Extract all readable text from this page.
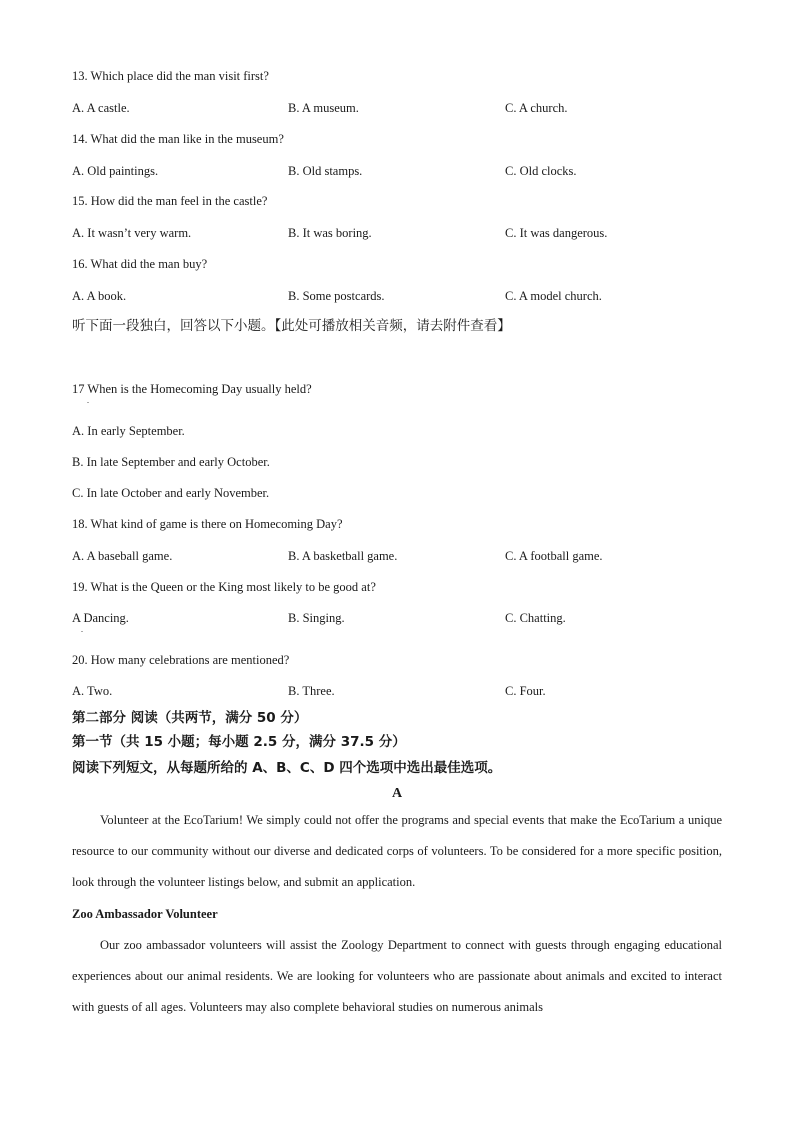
13. Which place did the man visit first?
A. A castle.	B. A museum.	C. A church.
14. What did the man like in the museum?
A. Old paintings.	B. Old stamps.	C. Old clocks.
15. How did the man feel in the castle?
A. It wasn’t very warm.	B. It was boring.	C. It was dangerous.
16. What did the man buy?
A. A book.	B. Some postcards.	C. A model church.
听下面一段独白，回答以下小题。【此处可播放相关音频，请去附件查看】
17 When is the Homecoming Day usually held?
.
A. In early September.
B. In late September and early October.
C. In late October and early November.
18. What kind of game is there on Homecoming Day?
A. A baseball game.	B. A basketball game.	C. A football game.
19. What is the Queen or the King most likely to be good at?
A Dancing.
.
B. Singing.	C. Chatting.
20. How many celebrations are mentioned?
A. Two.	B. Three.	C. Four.
第二部分 阅读（共两节，满分 50 分）
第一节（共 15 小题；每小题 2.5 分，满分 37.5 分）
阅读下列短文，从每题所给的 A、B、C、D 四个选项中选出最佳选项。
A
Volunteer at the EcoTarium! We simply could not offer the programs and special events that make the EcoTarium a unique resource to our community without our diverse and dedicated corps of volunteers. To be considered for a more specific position, look through the volunteer listings below, and submit an application.
Zoo Ambassador Volunteer
Our zoo ambassador volunteers will assist the Zoology Department to connect with guests through engaging educational experiences about our animal residents. We are looking for volunteers who are passionate about animals and excited to interact with guests of all ages. Volunteers may also complete behavioral studies on numerous animals
